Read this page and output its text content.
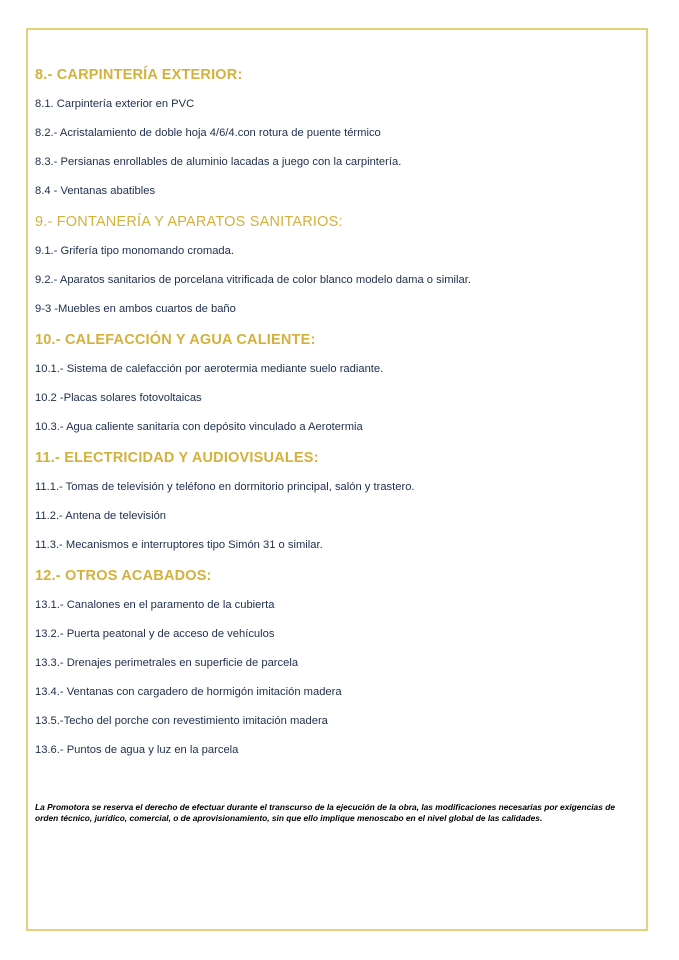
8.- CARPINTERÍA EXTERIOR:
8.1. Carpintería exterior en PVC
8.2.- Acristalamiento de doble hoja 4/6/4.con rotura de puente térmico
8.3.- Persianas enrollables de aluminio lacadas a juego con la carpintería.
8.4 - Ventanas abatibles
9.- FONTANERÍA Y APARATOS SANITARIOS:
9.1.- Grifería tipo monomando cromada.
9.2.- Aparatos sanitarios de porcelana vitrificada de color blanco modelo dama o similar.
9-3 -Muebles en ambos cuartos de baño
10.- CALEFACCIÓN Y AGUA CALIENTE:
10.1.- Sistema de calefacción por aerotermia mediante suelo radiante.
10.2 -Placas solares fotovoltaicas
10.3.- Agua caliente sanitaria con depósito vinculado a Aerotermia
11.- ELECTRICIDAD Y AUDIOVISUALES:
11.1.- Tomas de televisión y teléfono en dormitorio principal, salón y trastero.
11.2.- Antena de televisión
11.3.- Mecanismos e interruptores tipo Simón 31 o similar.
12.- OTROS ACABADOS:
13.1.- Canalones en el paramento de la cubierta
13.2.- Puerta peatonal y de acceso de vehículos
13.3.- Drenajes perimetrales en superficie de parcela
13.4.- Ventanas con cargadero de hormigón imitación madera
13.5.-Techo del porche con revestimiento imitación madera
13.6.- Puntos de agua y luz en la parcela
La Promotora se reserva el derecho de efectuar durante el transcurso de la ejecución de la obra, las modificaciones necesarias por exigencias de orden técnico, jurídico, comercial, o de aprovisionamiento, sin que ello implique menoscabo en el nivel global de las calidades.
